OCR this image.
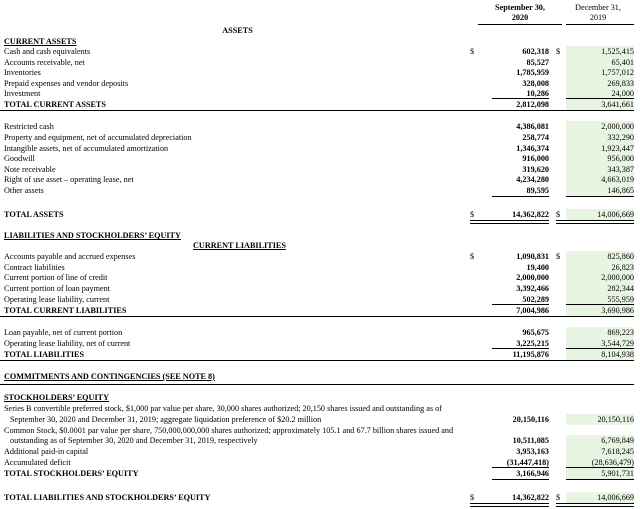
September 30,
2020
December 31,
2019
ASSETS
CURRENT ASSETS
Cash and cash equivalents	$	602,318 $	1,525,415
Accounts receivable, net	85,527	65,401
Inventories	1,785,959	1,757,012
Prepaid expenses and vendor deposits	328,008	269,833
Investment	10,286	24,000
TOTAL CURRENT ASSETS	2,812,098	3,641,661
Restricted cash	4,386,081	2,000,000
Property and equipment, net of accumulated depreciation	258,774	332,290
Intangible assets, net of accumulated amortization	1,346,374	1,923,447
Goodwill	916,000	956,000
Note receivable	319,620	343,387
Right of use asset – operating lease, net	4,234,280	4,663,019
Other assets	89,595	146,865
TOTAL ASSETS	$	14,362,822 $	14,006,669
LIABILITIES AND STOCKHOLDERS’ EQUITY
CURRENT LIABILITIES
Accounts payable and accrued expenses	$	1,090,831 $	825,860
Contract liabilities	19,400	26,823
Current portion of line of credit	2,000,000	2,000,000
Current portion of loan payment	3,392,466	282,344
Operating lease liability, current	502,289	555,959
TOTAL CURRENT LIABILITIES	7,004,986	3,690,986
Loan payable, net of current portion	965,675	869,223
Operating lease liability, net of current	3,225,215	3,544,729
TOTAL LIABILITIES	11,195,876	8,104,938
COMMITMENTS AND CONTINGENCIES (SEE NOTE 8)
STOCKHOLDERS’ EQUITY
Series B convertible preferred stock, $1,000 par value per share, 30,000 shares authorized; 20,150 shares issued and outstanding as of
September 30, 2020 and December 31, 2019; aggregate liquidation preference of $20.2 million	20,150,116	20,150,116
Common Stock, $0.0001 par value per share, 750,000,000,000 shares authorized; approximately 105.1 and 67.7 billion shares issued and
outstanding as of September 30, 2020 and December 31, 2019, respectively	10,511,085	6,769,849
Additional paid-in capital	3,953,163	7,618,245
Accumulated deficit	(31,447,418)	(28,636,479)
TOTAL STOCKHOLDERS’ EQUITY	3,166,946	5,901,731
TOTAL LIABILITIES AND STOCKHOLDERS’ EQUITY	$	14,362,822 $	14,006,669
